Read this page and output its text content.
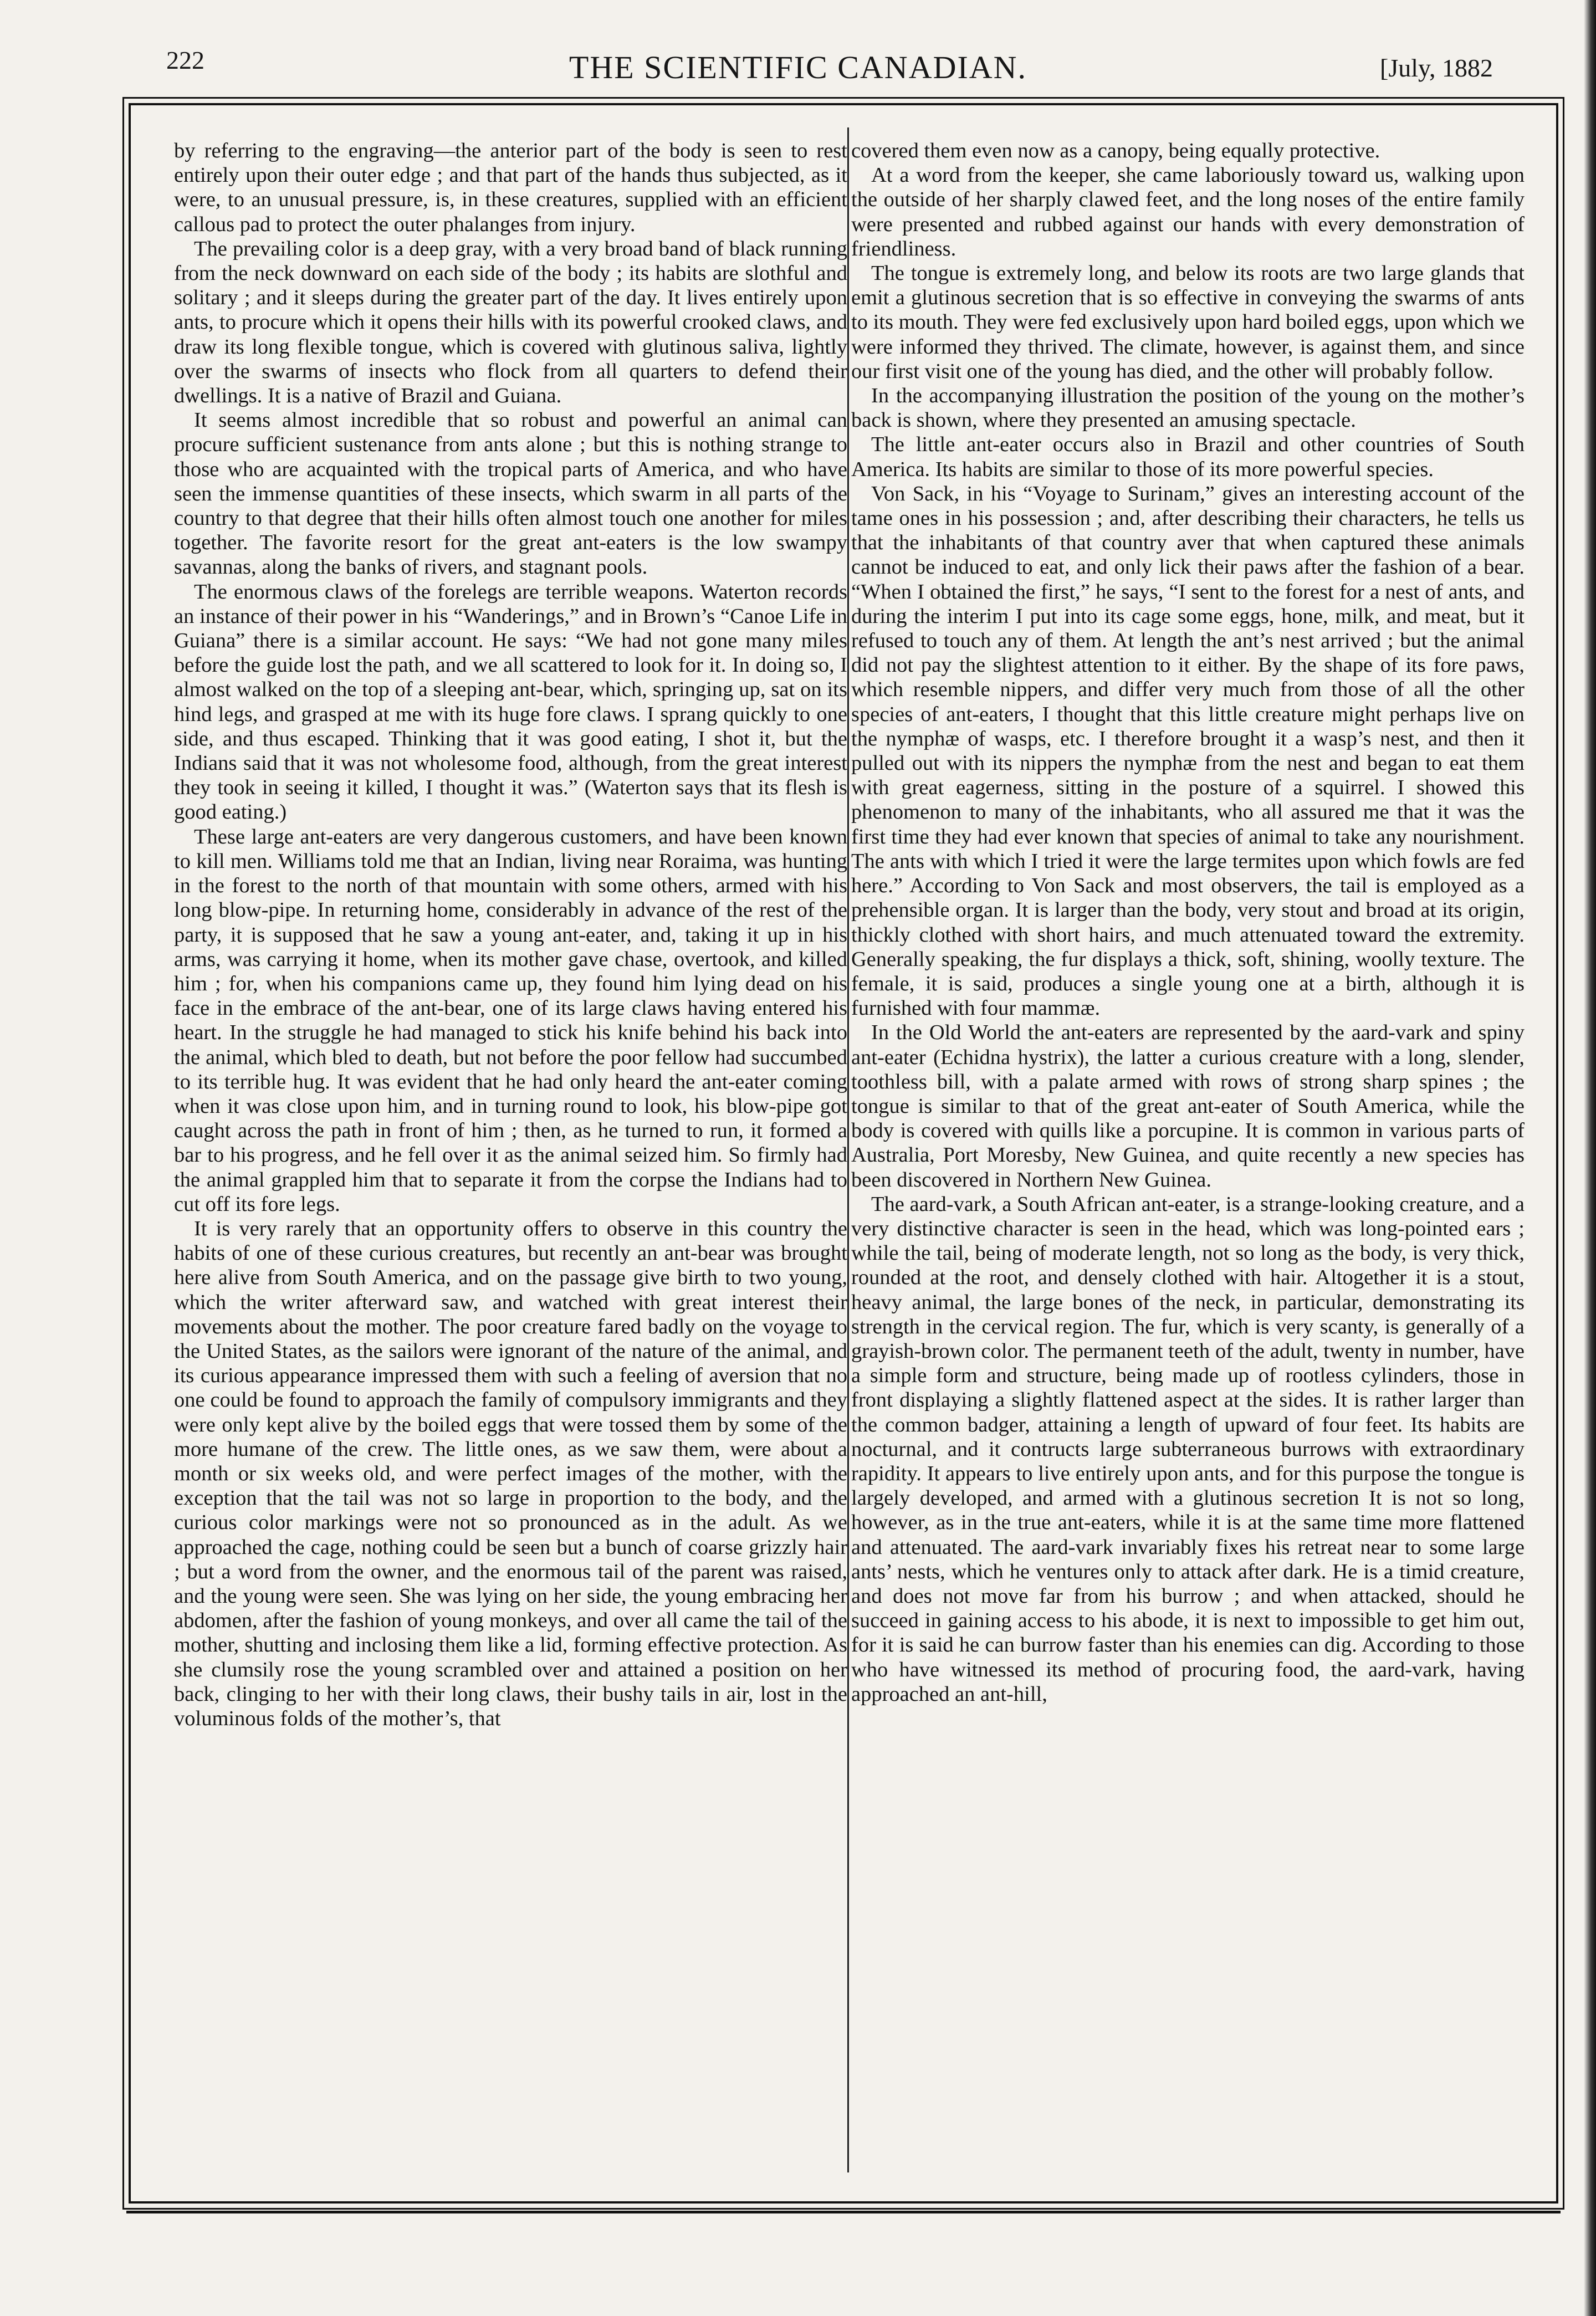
222	THE SCIENTIFIC CANADIAN.	[July, 1882

by referring to the engraving—the anterior part of the body is seen to rest entirely upon their outer edge ; and that part of the hands thus subjected, as it were, to an unusual pressure, is, in these creatures, supplied with an efficient callous pad to protect the outer phalanges from injury.

The prevailing color is a deep gray, with a very broad band of black running from the neck downward on each side of the body ; its habits are slothful and solitary ; and it sleeps during the greater part of the day. It lives entirely upon ants, to procure which it opens their hills with its powerful crooked claws, and draw its long flexible tongue, which is covered with glutinous saliva, lightly over the swarms of insects who flock from all quarters to defend their dwellings. It is a native of Brazil and Guiana.

It seems almost incredible that so robust and powerful an animal can procure sufficient sustenance from ants alone ; but this is nothing strange to those who are acquainted with the tropical parts of America, and who have seen the immense quantities of these insects, which swarm in all parts of the country to that degree that their hills often almost touch one another for miles together. The favorite resort for the great ant-eaters is the low swampy savannas, along the banks of rivers, and stagnant pools.

The enormous claws of the forelegs are terrible weapons. Waterton records an instance of their power in his “Wanderings,” and in Brown’s “Canoe Life in Guiana” there is a similar account. He says: “We had not gone many miles before the guide lost the path, and we all scattered to look for it. In doing so, I almost walked on the top of a sleeping ant-bear, which, springing up, sat on its hind legs, and grasped at me with its huge fore claws. I sprang quickly to one side, and thus escaped. Thinking that it was good eating, I shot it, but the Indians said that it was not wholesome food, although, from the great interest they took in seeing it killed, I thought it was.” (Waterton says that its flesh is good eating.)

These large ant-eaters are very dangerous customers, and have been known to kill men. Williams told me that an Indian, living near Roraima, was hunting in the forest to the north of that mountain with some others, armed with his long blow-pipe. In returning home, considerably in advance of the rest of the party, it is supposed that he saw a young ant-eater, and, taking it up in his arms, was carrying it home, when its mother gave chase, overtook, and killed him ; for, when his companions came up, they found him lying dead on his face in the embrace of the ant-bear, one of its large claws having entered his heart. In the struggle he had managed to stick his knife behind his back into the animal, which bled to death, but not before the poor fellow had succumbed to its terrible hug. It was evident that he had only heard the ant-eater coming when it was close upon him, and in turning round to look, his blow-pipe got caught across the path in front of him ; then, as he turned to run, it formed a bar to his progress, and he fell over it as the animal seized him. So firmly had the animal grappled him that to separate it from the corpse the Indians had to cut off its fore legs.

It is very rarely that an opportunity offers to observe in this country the habits of one of these curious creatures, but recently an ant-bear was brought here alive from South America, and on the passage give birth to two young, which the writer afterward saw, and watched with great interest their movements about the mother. The poor creature fared badly on the voyage to the United States, as the sailors were ignorant of the nature of the animal, and its curious appearance impressed them with such a feeling of aversion that no one could be found to approach the family of compulsory immigrants and they were only kept alive by the boiled eggs that were tossed them by some of the more humane of the crew. The little ones, as we saw them, were about a month or six weeks old, and were perfect images of the mother, with the exception that the tail was not so large in proportion to the body, and the curious color markings were not so pronounced as in the adult. As we approached the cage, nothing could be seen but a bunch of coarse grizzly hair ; but a word from the owner, and the enormous tail of the parent was raised, and the young were seen. She was lying on her side, the young embracing her abdomen, after the fashion of young monkeys, and over all came the tail of the mother, shutting and inclosing them like a lid, forming effective protection. As she clumsily rose the young scrambled over and attained a position on her back, clinging to her with their long claws, their bushy tails in air, lost in the voluminous folds of the mother’s, that

covered them even now as a canopy, being equally protective.

At a word from the keeper, she came laboriously toward us, walking upon the outside of her sharply clawed feet, and the long noses of the entire family were presented and rubbed against our hands with every demonstration of friendliness.

The tongue is extremely long, and below its roots are two large glands that emit a glutinous secretion that is so effective in conveying the swarms of ants to its mouth. They were fed exclusively upon hard boiled eggs, upon which we were informed they thrived. The climate, however, is against them, and since our first visit one of the young has died, and the other will probably follow.

In the accompanying illustration the position of the young on the mother’s back is shown, where they presented an amusing spectacle.

The little ant-eater occurs also in Brazil and other countries of South America. Its habits are similar to those of its more powerful species.

Von Sack, in his “Voyage to Surinam,” gives an interesting account of the tame ones in his possession ; and, after describing their characters, he tells us that the inhabitants of that country aver that when captured these animals cannot be induced to eat, and only lick their paws after the fashion of a bear. “When I obtained the first,” he says, “I sent to the forest for a nest of ants, and during the interim I put into its cage some eggs, hone, milk, and meat, but it refused to touch any of them. At length the ant’s nest arrived ; but the animal did not pay the slightest attention to it either. By the shape of its fore paws, which resemble nippers, and differ very much from those of all the other species of ant-eaters, I thought that this little creature might perhaps live on the nymphæ of wasps, etc. I therefore brought it a wasp’s nest, and then it pulled out with its nippers the nymphæ from the nest and began to eat them with great eagerness, sitting in the posture of a squirrel. I showed this phenomenon to many of the inhabitants, who all assured me that it was the first time they had ever known that species of animal to take any nourishment. The ants with which I tried it were the large termites upon which fowls are fed here.” According to Von Sack and most observers, the tail is employed as a prehensible organ. It is larger than the body, very stout and broad at its origin, thickly clothed with short hairs, and much attenuated toward the extremity. Generally speaking, the fur displays a thick, soft, shining, woolly texture. The female, it is said, produces a single young one at a birth, although it is furnished with four mammæ.

In the Old World the ant-eaters are represented by the aard-vark and spiny ant-eater (Echidna hystrix), the latter a curious creature with a long, slender, toothless bill, with a palate armed with rows of strong sharp spines ; the tongue is similar to that of the great ant-eater of South America, while the body is covered with quills like a porcupine. It is common in various parts of Australia, Port Moresby, New Guinea, and quite recently a new species has been discovered in Northern New Guinea.

The aard-vark, a South African ant-eater, is a strange-looking creature, and a very distinctive character is seen in the head, which was long-pointed ears ; while the tail, being of moderate length, not so long as the body, is very thick, rounded at the root, and densely clothed with hair. Altogether it is a stout, heavy animal, the large bones of the neck, in particular, demonstrating its strength in the cervical region. The fur, which is very scanty, is generally of a grayish-brown color. The permanent teeth of the adult, twenty in number, have a simple form and structure, being made up of rootless cylinders, those in front displaying a slightly flattened aspect at the sides. It is rather larger than the common badger, attaining a length of upward of four feet. Its habits are nocturnal, and it contructs large subterraneous burrows with extraordinary rapidity. It appears to live entirely upon ants, and for this purpose the tongue is largely developed, and armed with a glutinous secretion It is not so long, however, as in the true ant-eaters, while it is at the same time more flattened and attenuated. The aard-vark invariably fixes his retreat near to some large ants’ nests, which he ventures only to attack after dark. He is a timid creature, and does not move far from his burrow ; and when attacked, should he succeed in gaining access to his abode, it is next to impossible to get him out, for it is said he can burrow faster than his enemies can dig. According to those who have witnessed its method of procuring food, the aard-vark, having approached an ant-hill,
